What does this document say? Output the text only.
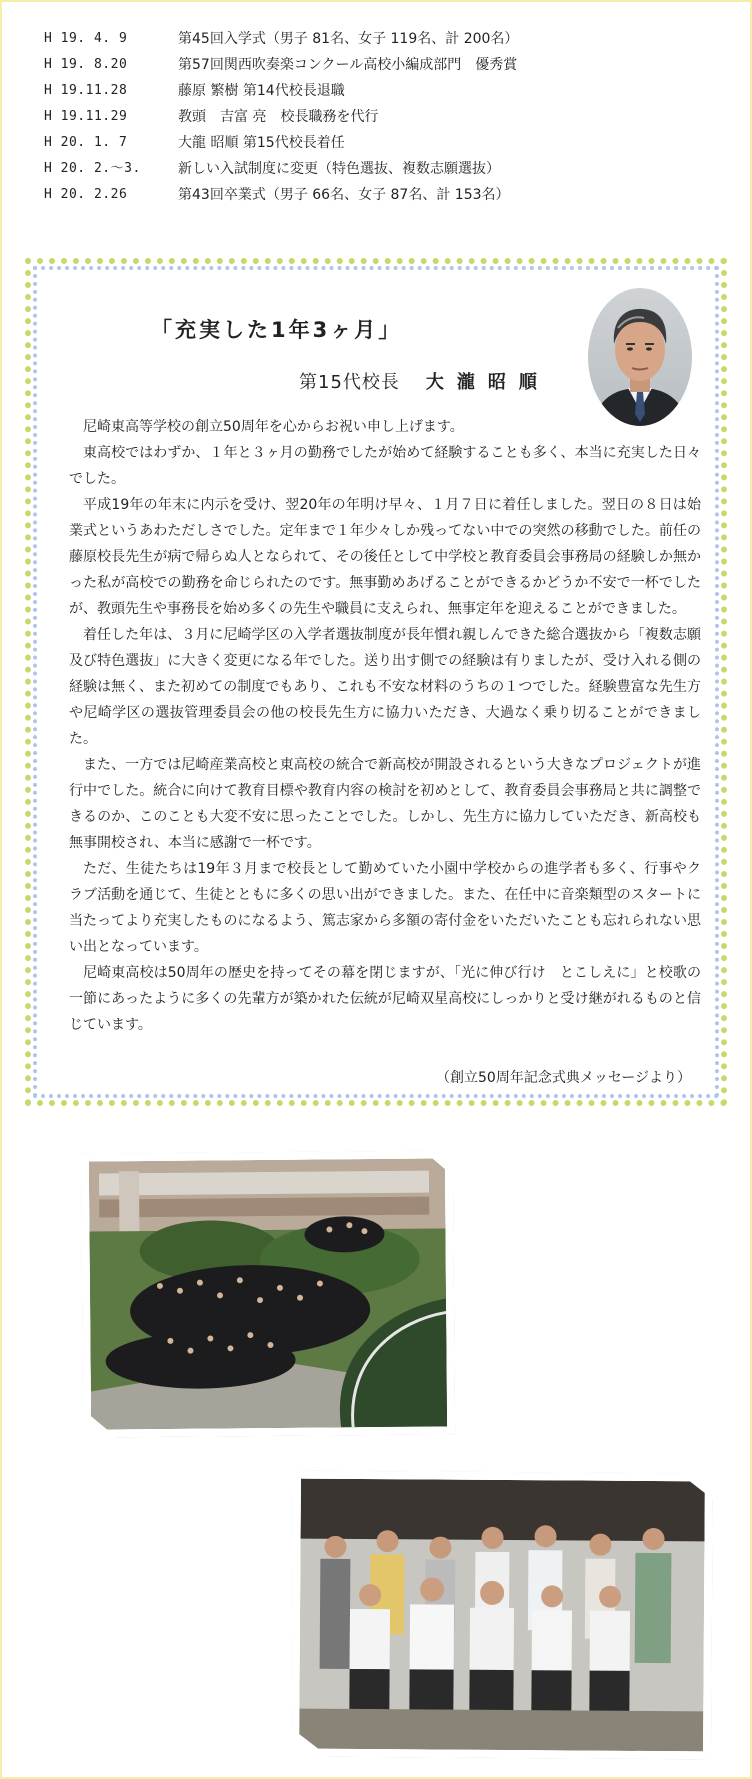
H 19. 4. 9	第45回入学式（男子 81名、女子 119名、計 200名）
H 19. 8.20	第57回関西吹奏楽コンクール高校小編成部門　優秀賞
H 19.11.28	藤原 繁樹 第14代校長退職
H 19.11.29	教頭　吉富 亮　校長職務を代行
H 20. 1. 7	大龍 昭順 第15代校長着任
H 20. 2.～3.	新しい入試制度に変更（特色選抜、複数志願選抜）
H 20. 2.26	第43回卒業式（男子 66名、女子 87名、計 153名）
「充実した1年3ヶ月」
第15代校長 大瀧昭順

尼崎東高等学校の創立50周年を心からお祝い申し上げます。

東高校ではわずか、１年と３ヶ月の勤務でしたが始めて経験することも多く、本当に充実した日々でした。

平成19年の年末に内示を受け、翌20年の年明け早々、１月７日に着任しました。翌日の８日は始業式というあわただしさでした。定年まで１年少々しか残ってない中での突然の移動でした。前任の藤原校長先生が病で帰らぬ人となられて、その後任として中学校と教育委員会事務局の経験しか無かった私が高校での勤務を命じられたのです。無事勤めあげることができるかどうか不安で一杯でしたが、教頭先生や事務長を始め多くの先生や職員に支えられ、無事定年を迎えることができました。

着任した年は、３月に尼崎学区の入学者選抜制度が長年慣れ親しんできた総合選抜から「複数志願及び特色選抜」に大きく変更になる年でした。送り出す側での経験は有りましたが、受け入れる側の経験は無く、また初めての制度でもあり、これも不安な材料のうちの１つでした。経験豊富な先生方や尼崎学区の選抜管理委員会の他の校長先生方に協力いただき、大過なく乗り切ることができました。

また、一方では尼崎産業高校と東高校の統合で新高校が開設されるという大きなプロジェクトが進行中でした。統合に向けて教育目標や教育内容の検討を初めとして、教育委員会事務局と共に調整できるのか、このことも大変不安に思ったことでした。しかし、先生方に協力していただき、新高校も無事開校され、本当に感謝で一杯です。

ただ、生徒たちは19年３月まで校長として勤めていた小園中学校からの進学者も多く、行事やクラブ活動を通じて、生徒とともに多くの思い出ができました。また、在任中に音楽類型のスタートに当たってより充実したものになるよう、篤志家から多額の寄付金をいただいたことも忘れられない思い出となっています。

尼崎東高校は50周年の歴史を持ってその幕を閉じますが、「光に伸び行け　とこしえに」と校歌の一節にあったように多くの先輩方が築かれた伝統が尼崎双星高校にしっかりと受け継がれるものと信じています。

（創立50周年記念式典メッセージより）
